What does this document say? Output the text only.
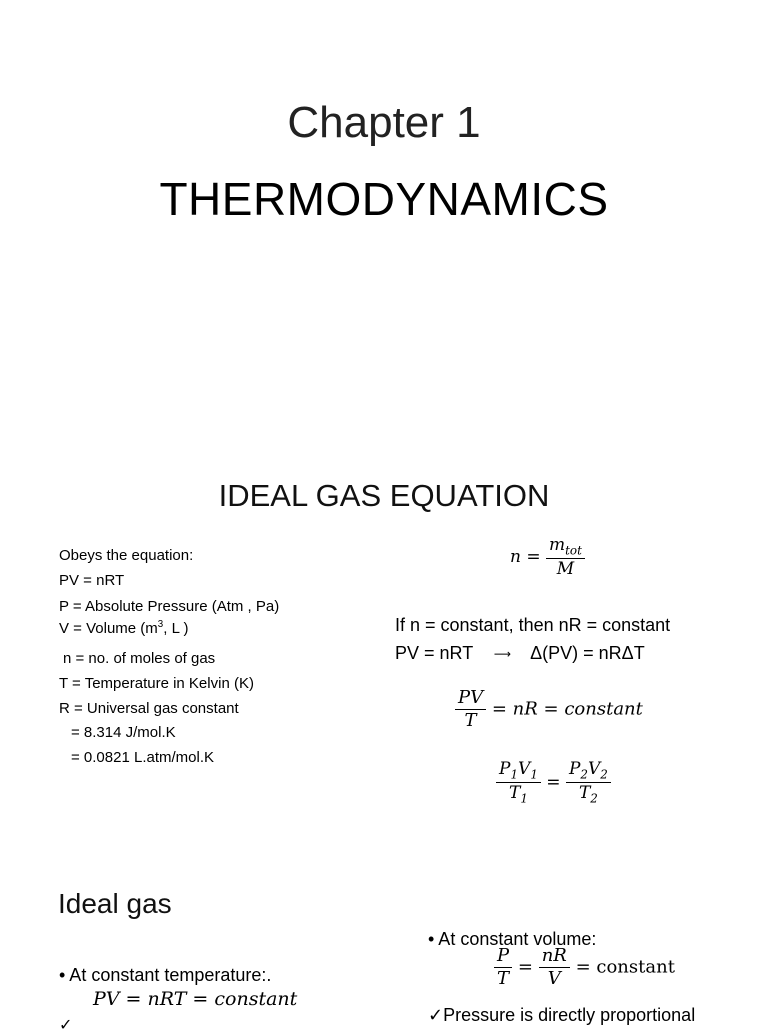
Chapter 1
THERMODYNAMICS
IDEAL GAS EQUATION
Obeys the equation:
PV = nRT
P = Absolute Pressure (Atm , Pa)
V = Volume ($m^3$, L )
n = no. of moles of gas
T = Temperature in Kelvin (K)
R = Universal gas constant
= 8.314 J/mol.K
= 0.0821 L.atm/mol.K
$n = \frac{m_{tot}}{M}$
If n = constant, then nR = constant
PV = nRT ⟶ Δ(PV) = nRΔT
$\frac{PV}{T}$ = nR = constant
$\frac{P_1V_1}{T_1} = \frac{P_2V_2}{T_2}$
Ideal gas
• At constant temperature:.
PV = nRT = constant
✓
• At constant volume:
$\frac{P}{T} = \frac{nR}{V}$ = constant
✓Pressure is directly proportional
